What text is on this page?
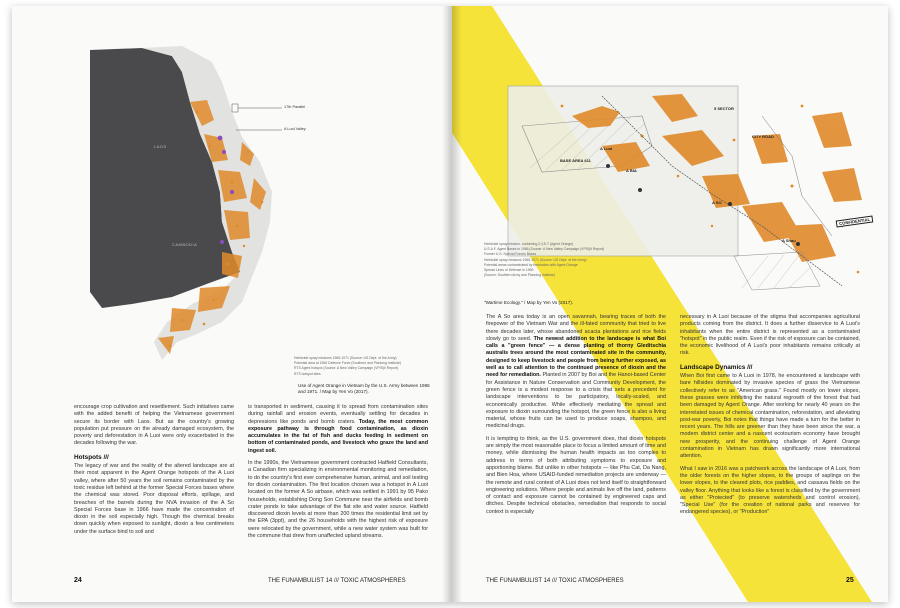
17th Parallel
A Luoi Valley
LAOS
CAMBODIA
Herbicide spray missions 1965-1971 (Source: US Dept. of the Army)
Potential area at 1965 Defence Force (Southern and Planning Institute)
RTS Agent hotspot (Source: A New Valley Campaign (VPIS)II Report)
RTS hotspot sites
Use of Agent Orange in Vietnam by the U.S. Army between 1965 and 1971. / Map by Yen Vo (2017).

encourage crop cultivation and resettlement. Such initiatives came with the added benefit of helping the Vietnamese government secure its border with Laos. But as the country's growing population put pressure on the already damaged ecosystem, the poverty and deforestation in A Luoi were only exacerbated in the decades following the war.

Hotspots ///

The legacy of war and the reality of the altered landscape are at their most apparent in the Agent Orange hotspots of the A Luoi valley, where after 50 years the soil remains contaminated by the toxic residue left behind at the former Special Forces bases where the chemical was stored. Poor disposal efforts, spillage, and breaches of the barrels during the NVA invasion of the A So Special Forces base in 1966 have made the concentration of dioxin in the soil especially high. Though the chemical breaks down quickly when exposed to sunlight, dioxin a few centimeters under the surface bind to soil and

is transported in sediment, causing it to spread from contamination sites during rainfall and erosion events, eventually settling for decades in depressions like ponds and bomb craters. Today, the most common exposure pathway is through food contamination, as dioxin accumulates in the fat of fish and ducks feeding in sediment on bottom of contaminated ponds, and livestock who graze the land and ingest soil.

In the 1990s, the Vietnamese government contracted Hatfield Consultants, a Canadian firm specializing in environmental monitoring and remediation, to do the country's first ever comprehensive human, animal, and soil testing for dioxin contamination. The first location chosen was a hotspot in A Luoi located on the former A So airbase, which was settled in 1991 by 95 Pako households, establishing Dong Son Commune near the airfields and bomb crater ponds to take advantage of the flat site and water source. Hatfield discovered dioxin levels at more than 200 times the residential limit set by the EPA (3ppt), and the 26 households with the highest risk of exposure were relocated by the government, while a new water system was built for the commune that drew from unaffected upland streams.

24	THE FUNAMBULIST 14 /// TOXIC ATMOSPHERES
BASE AREA 611
A Luoi
A BIA
A SO
A Shau
CITY ROAD
5 SECTOR
CONFIDENTIAL
Herbicide spray mission, containing 2,4,5-T (Agent Orange)
U.S.A.F. Agent Bases in 1966 (Source: A New Valley Campaign (VPIS)II Report)
Former U.S. Special Forces Bases
Herbicide spray missions 1965-1971 (Source: US Dept. of the Army)
Potential areas contaminated by herbicides with Agent Orange
Spread Lines of Defense in 1969
(Source: Southern Army and Planning Institute)
"Wartime Ecology." / Map by Yen Vo (2017).

The A So area today is an open savannah, bearing traces of both the firepower of the Vietnam War and the ill-fated community that tried to live there decades later, whose abandoned acacia plantations and rice fields slowly go to seed. The newest addition to the landscape is what Boi calls a "green fence" — a dense planting of thorny Gleditschia australis trees around the most contaminated site in the community, designed to keep livestock and people from being further exposed, as well as to call attention to the continued presence of dioxin and the need for remediation. Planted in 2007 by Boi and the Hanoi-based Center for Assistance in Nature Conservation and Community Development, the green fence is a modest response to a crisis that sets a precedent for landscape interventions to be participatory, locally-scaled, and economically productive. While effectively mediating the spread and exposure to dioxin surrounding the hotspot, the green fence is also a living material, whose fruits can be used to produce soaps, shampoo, and medicinal drugs.

It is tempting to think, as the U.S. government does, that dioxin hotspots are simply the most reasonable place to focus a limited amount of time and money, while dismissing the human health impacts as too complex to address in terms of both attributing symptoms to exposure and apportioning blame. But unlike in other hotspots — like Phu Cat, Da Nang, and Bien Hoa, where USAID-funded remediation projects are underway — the remote and rural context of A Luoi does not lend itself to straightforward engineering solutions. Where people and animals live off the land, patterns of contact and exposure cannot be contained by engineered caps and ditches. Despite technical obstacles, remediation that responds to social context is especially

necessary in A Luoi because of the stigma that accompanies agricultural products coming from the district. It does a further disservice to A Luoi's inhabitants when the entire district is represented as a contaminated "hotspot" in the public realm. Even if the risk of exposure can be contained, the economic livelihood of A Luoi's poor inhabitants remains critically at risk.

Landscape Dynamics ///

When Boi first came to A Luoi in 1978, he encountered a landscape with bare hillsides dominated by invasive species of grass the Vietnamese collectively refer to as "American grass." Found mostly on lower slopes, these grasses were inhibiting the natural regrowth of the forest that had been damaged by Agent Orange. After working for nearly 40 years on the interrelated issues of chemical contamination, reforestation, and alleviating post-war poverty, Boi notes that things have made a turn for the better in recent years. The hills are greener than they have been since the war, a modern district center and a nascent ecotourism economy have brought new prosperity, and the continuing challenge of Agent Orange contamination in Vietnam has drawn significantly more international attention.

What I saw in 2016 was a patchwork across the landscape of A Luoi, from the older forests on the higher slopes, to the groups of saplings on the lower slopes, to the cleared plots, rice paddies, and cassava fields on the valley floor. Anything that looks like a forest is classified by the government as either "Protected" (to preserve watersheds and control erosion), "Special Use" (for the creation of national parks and reserves for endangered species), or "Production"

THE FUNAMBULIST 14 /// TOXIC ATMOSPHERES	25
